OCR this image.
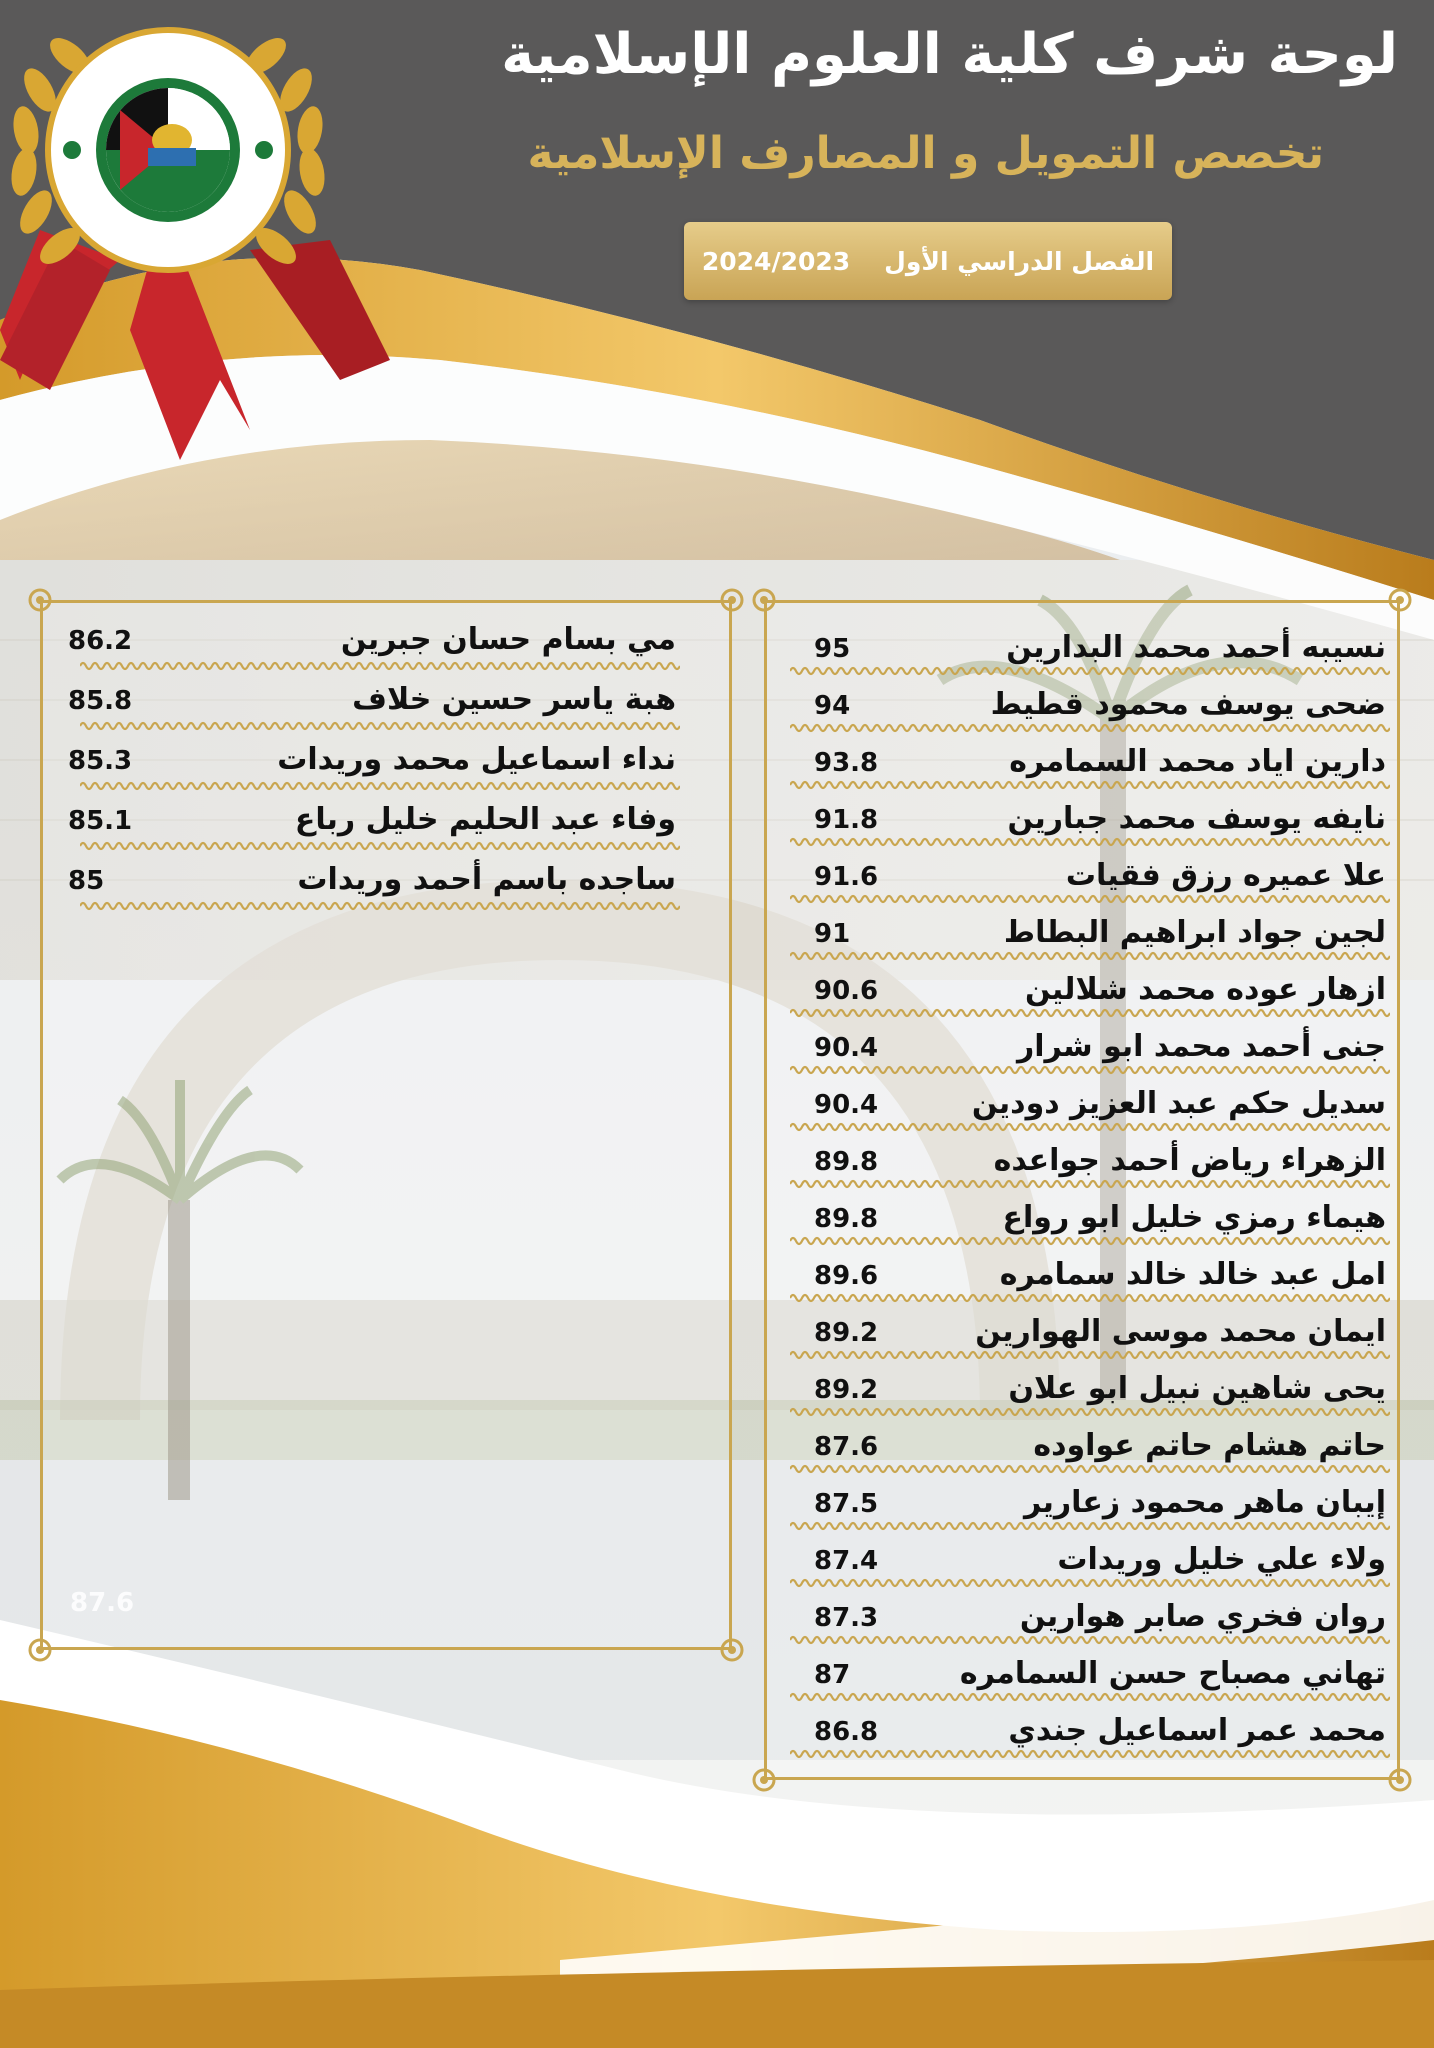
لوحة شرف كلية العلوم الإسلامية
تخصص التمويل و المصارف الإسلامية
الفصل الدراسي الأول
2024/2023
نسيبه أحمد محمد البدارين
95
ضحى يوسف محمود قطيط
94
دارين اياد محمد السمامره
93.8
نايفه يوسف محمد جبارين
91.8
علا عميره رزق فقيات
91.6
لجين جواد ابراهيم البطاط
91
ازهار عوده محمد شلالين
90.6
جنى أحمد محمد ابو شرار
90.4
سديل حكم عبد العزيز دودين
90.4
الزهراء رياض أحمد جواعده
89.8
هيماء رمزي خليل ابو رواع
89.8
امل عبد خالد خالد سمامره
89.6
ايمان محمد موسى الهوارين
89.2
يحى شاهين نبيل ابو علان
89.2
حاتم هشام حاتم عواوده
87.6
إيبان ماهر محمود زعارير
87.5
ولاء علي خليل وريدات
87.4
روان فخري صابر هوارين
87.3
تهاني مصباح حسن السمامره
87
محمد عمر اسماعيل جندي
86.8
مي بسام حسان جبرين
86.2
هبة ياسر حسين خلاف
85.8
نداء اسماعيل محمد وريدات
85.3
وفاء عبد الحليم خليل رباع
85.1
ساجده باسم أحمد وريدات
85
87.6
